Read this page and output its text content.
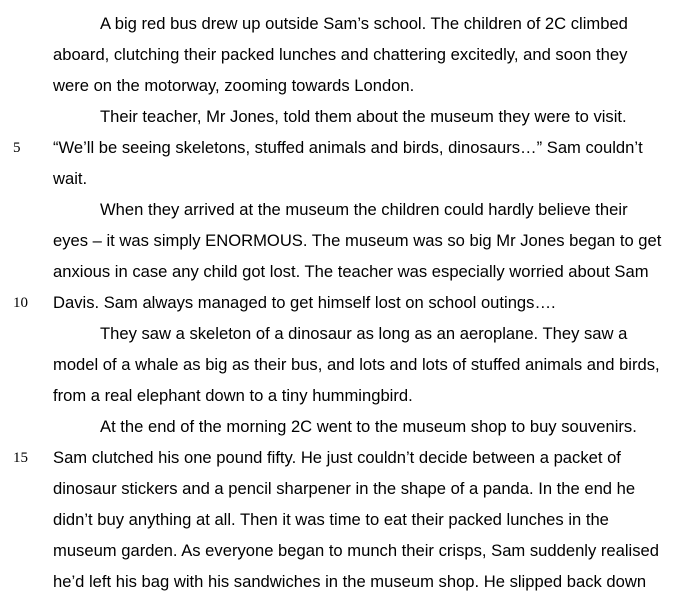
A big red bus drew up outside Sam’s school. The children of 2C climbed
aboard, clutching their packed lunches and chattering excitedly, and soon they
were on the motorway, zooming towards London.
Their teacher, Mr Jones, told them about the museum they were to visit.
5	“We’ll be seeing skeletons, stuffed animals and birds, dinosaurs…” Sam couldn’t
wait.
When they arrived at the museum the children could hardly believe their
eyes – it was simply ENORMOUS. The museum was so big Mr Jones began to get
anxious in case any child got lost. The teacher was especially worried about Sam
10	Davis. Sam always managed to get himself lost on school outings….
They saw a skeleton of a dinosaur as long as an aeroplane. They saw a
model of a whale as big as their bus, and lots and lots of stuffed animals and birds,
from a real elephant down to a tiny hummingbird.
At the end of the morning 2C went to the museum shop to buy souvenirs.
15	Sam clutched his one pound fifty. He just couldn’t decide between a packet of
dinosaur stickers and a pencil sharpener in the shape of a panda. In the end he
didn’t buy anything at all. Then it was time to eat their packed lunches in the
museum garden. As everyone began to munch their crisps, Sam suddenly realised
he’d left his bag with his sandwiches in the museum shop. He slipped back down
